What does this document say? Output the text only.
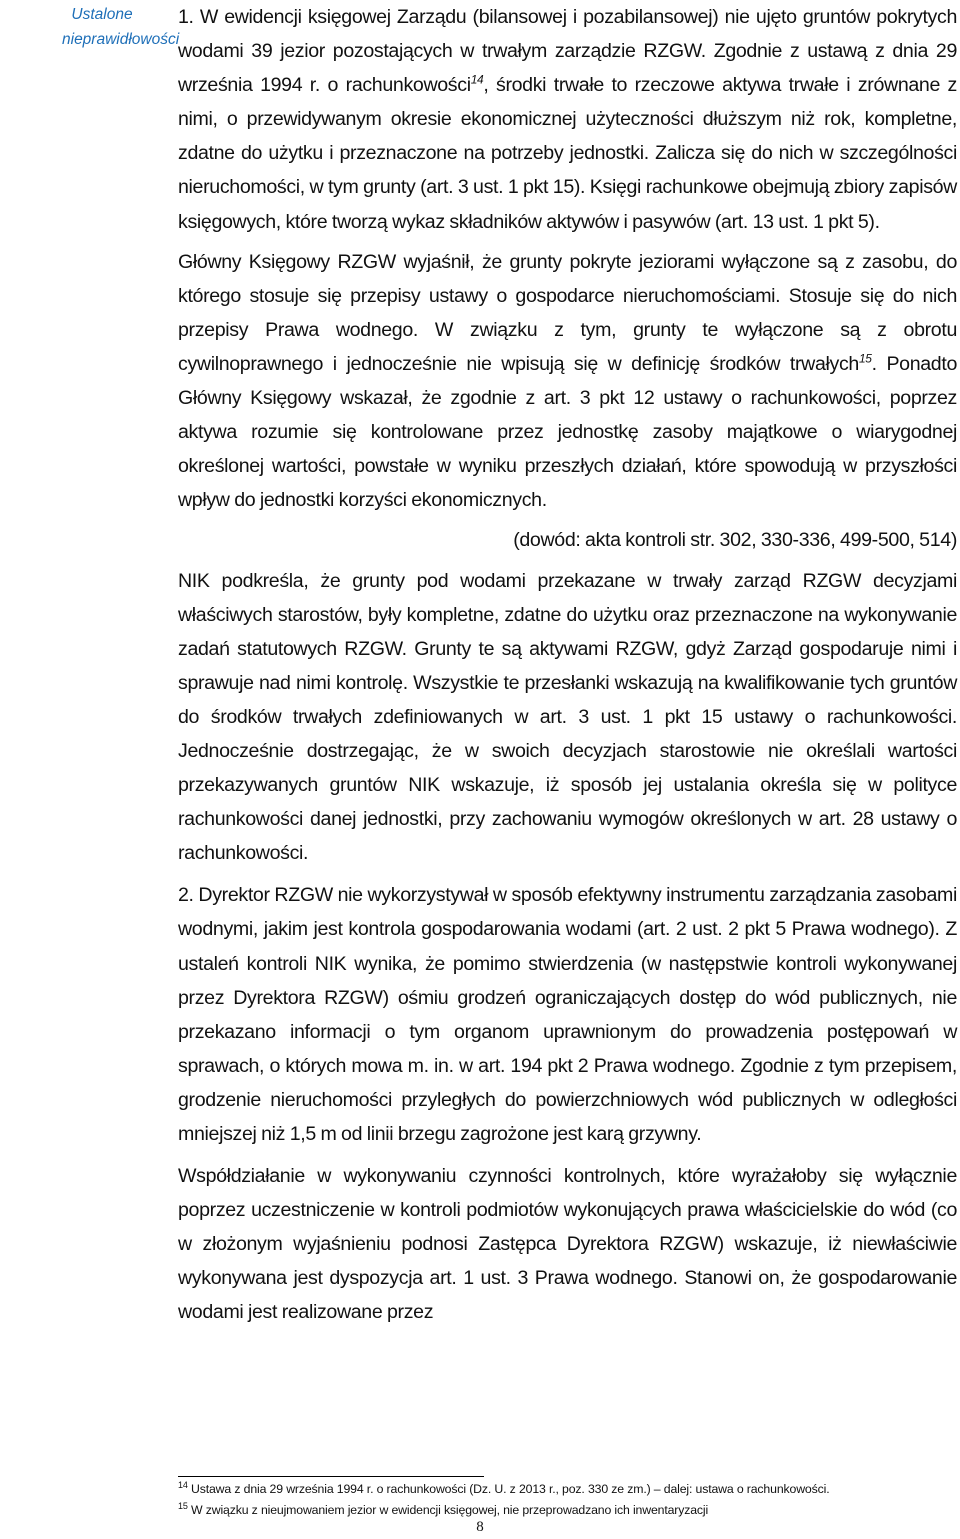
Ustalone nieprawidłowości

1. W ewidencji księgowej Zarządu (bilansowej i pozabilansowej) nie ujęto gruntów pokrytych wodami 39 jezior pozostających w trwałym zarządzie RZGW. Zgodnie z ustawą z dnia 29 września 1994 r. o rachunkowości$^{14}$, środki trwałe to rzeczowe aktywa trwałe i zrównane z nimi, o przewidywanym okresie ekonomicznej użyteczności dłuższym niż rok, kompletne, zdatne do użytku i przeznaczone na potrzeby jednostki. Zalicza się do nich w szczególności nieruchomości, w tym grunty (art. 3 ust. 1 pkt 15). Księgi rachunkowe obejmują zbiory zapisów księgowych, które tworzą wykaz składników aktywów i pasywów (art. 13 ust. 1 pkt 5).

Główny Księgowy RZGW wyjaśnił, że grunty pokryte jeziorami wyłączone są z zasobu, do którego stosuje się przepisy ustawy o gospodarce nieruchomościami. Stosuje się do nich przepisy Prawa wodnego. W związku z tym, grunty te wyłączone są z obrotu cywilnoprawnego i jednocześnie nie wpisują się w definicję środków trwałych$^{15}$. Ponadto Główny Księgowy wskazał, że zgodnie z art. 3 pkt 12 ustawy o rachunkowości, poprzez aktywa rozumie się kontrolowane przez jednostkę zasoby majątkowe o wiarygodnej określonej wartości, powstałe w wyniku przeszłych działań, które spowodują w przyszłości wpływ do jednostki korzyści ekonomicznych.

(dowód: akta kontroli str. 302, 330-336, 499-500, 514)

NIK podkreśla, że grunty pod wodami przekazane w trwały zarząd RZGW decyzjami właściwych starostów, były kompletne, zdatne do użytku oraz przeznaczone na wykonywanie zadań statutowych RZGW. Grunty te są aktywami RZGW, gdyż Zarząd gospodaruje nimi i sprawuje nad nimi kontrolę. Wszystkie te przesłanki wskazują na kwalifikowanie tych gruntów do środków trwałych zdefiniowanych w art. 3 ust. 1 pkt 15 ustawy o rachunkowości. Jednocześnie dostrzegając, że w swoich decyzjach starostowie nie określali wartości przekazywanych gruntów NIK wskazuje, iż sposób jej ustalania określa się w polityce rachunkowości danej jednostki, przy zachowaniu wymogów określonych w art. 28 ustawy o rachunkowości.

2. Dyrektor RZGW nie wykorzystywał w sposób efektywny instrumentu zarządzania zasobami wodnymi, jakim jest kontrola gospodarowania wodami (art. 2 ust. 2 pkt 5 Prawa wodnego). Z ustaleń kontroli NIK wynika, że pomimo stwierdzenia (w następstwie kontroli wykonywanej przez Dyrektora RZGW) ośmiu grodzeń ograniczających dostęp do wód publicznych, nie przekazano informacji o tym organom uprawnionym do prowadzenia postępowań w sprawach, o których mowa m. in. w art. 194 pkt 2 Prawa wodnego. Zgodnie z tym przepisem, grodzenie nieruchomości przyległych do powierzchniowych wód publicznych w odległości mniejszej niż 1,5 m od linii brzegu zagrożone jest karą grzywny.

Współdziałanie w wykonywaniu czynności kontrolnych, które wyrażałoby się wyłącznie poprzez uczestniczenie w kontroli podmiotów wykonujących prawa właścicielskie do wód (co w złożonym wyjaśnieniu podnosi Zastępca Dyrektora RZGW) wskazuje, iż niewłaściwie wykonywana jest dyspozycja art. 1 ust. 3 Prawa wodnego. Stanowi on, że gospodarowanie wodami jest realizowane przez

$^{14}$ Ustawa z dnia 29 września 1994 r. o rachunkowości (Dz. U. z 2013 r., poz. 330 ze zm.) – dalej: ustawa o rachunkowości.
$^{15}$ W związku z nieujmowaniem jezior w ewidencji księgowej, nie przeprowadzano ich inwentaryzacji
8
